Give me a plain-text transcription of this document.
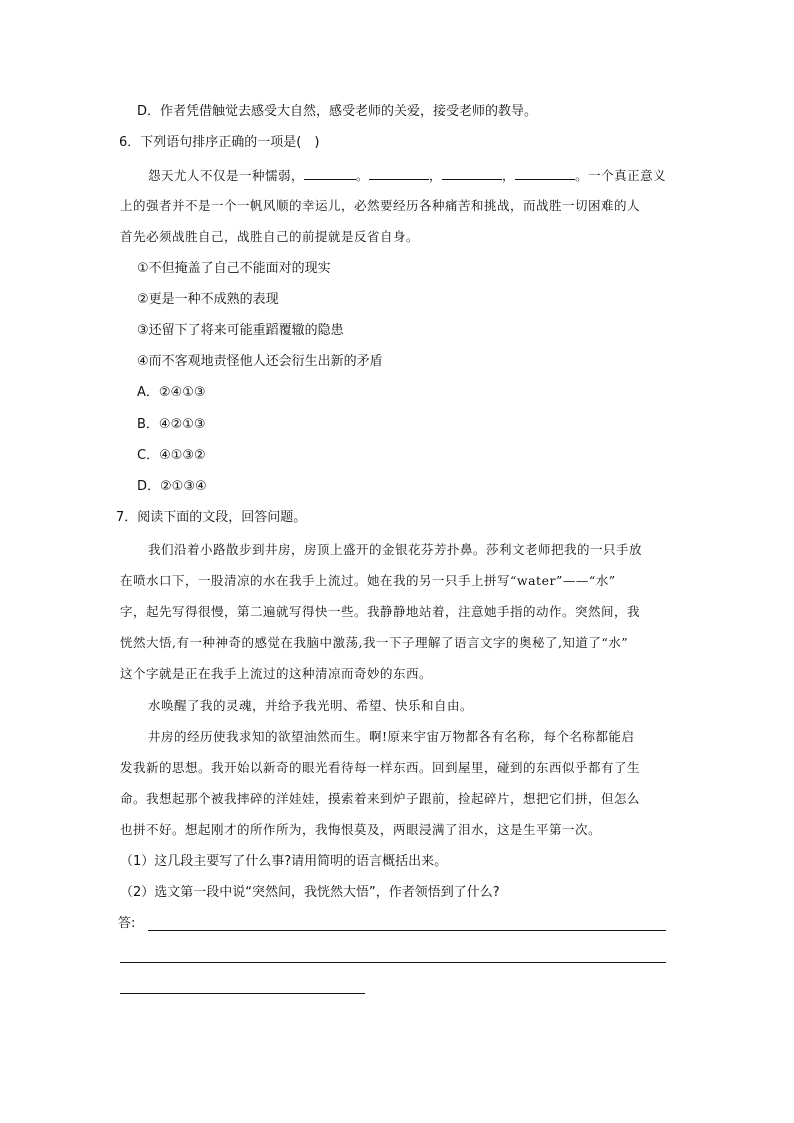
D．作者凭借触觉去感受大自然，感受老师的关爱，接受老师的教导。
6．下列语句排序正确的一项是(　)
怨天尤人不仅是一种懦弱，	。	，	，	。一个真正意义
上的强者并不是一个一帆风顺的幸运儿，必然要经历各种痛苦和挑战，而战胜一切困难的人
首先必须战胜自己，战胜自己的前提就是反省自身。
①不但掩盖了自己不能面对的现实
②更是一种不成熟的表现
③还留下了将来可能重蹈覆辙的隐患
④而不客观地责怪他人还会衍生出新的矛盾
A．②④①③
B．④②①③
C．④①③②
D．②①③④
7．阅读下面的文段，回答问题。
我们沿着小路散步到井房，房顶上盛开的金银花芬芳扑鼻。莎利文老师把我的一只手放
在喷水口下，一股清凉的水在我手上流过。她在我的另一只手上拼写“water”——“水”
字，起先写得很慢，第二遍就写得快一些。我静静地站着，注意她手指的动作。突然间，我
恍然大悟,有一种神奇的感觉在我脑中激荡,我一下子理解了语言文字的奥秘了,知道了“水”
这个字就是正在我手上流过的这种清凉而奇妙的东西。
水唤醒了我的灵魂，并给予我光明、希望、快乐和自由。
井房的经历使我求知的欲望油然而生。啊!原来宇宙万物都各有名称，每个名称都能启
发我新的思想。我开始以新奇的眼光看待每一样东西。回到屋里，碰到的东西似乎都有了生
命。我想起那个被我摔碎的洋娃娃，摸索着来到炉子跟前，捡起碎片，想把它们拼，但怎么
也拼不好。想起刚才的所作所为，我悔恨莫及，两眼浸满了泪水，这是生平第一次。
（1）这几段主要写了什么事?请用简明的语言概括出来。
（2）选文第一段中说“突然间，我恍然大悟”，作者领悟到了什么?
答:
